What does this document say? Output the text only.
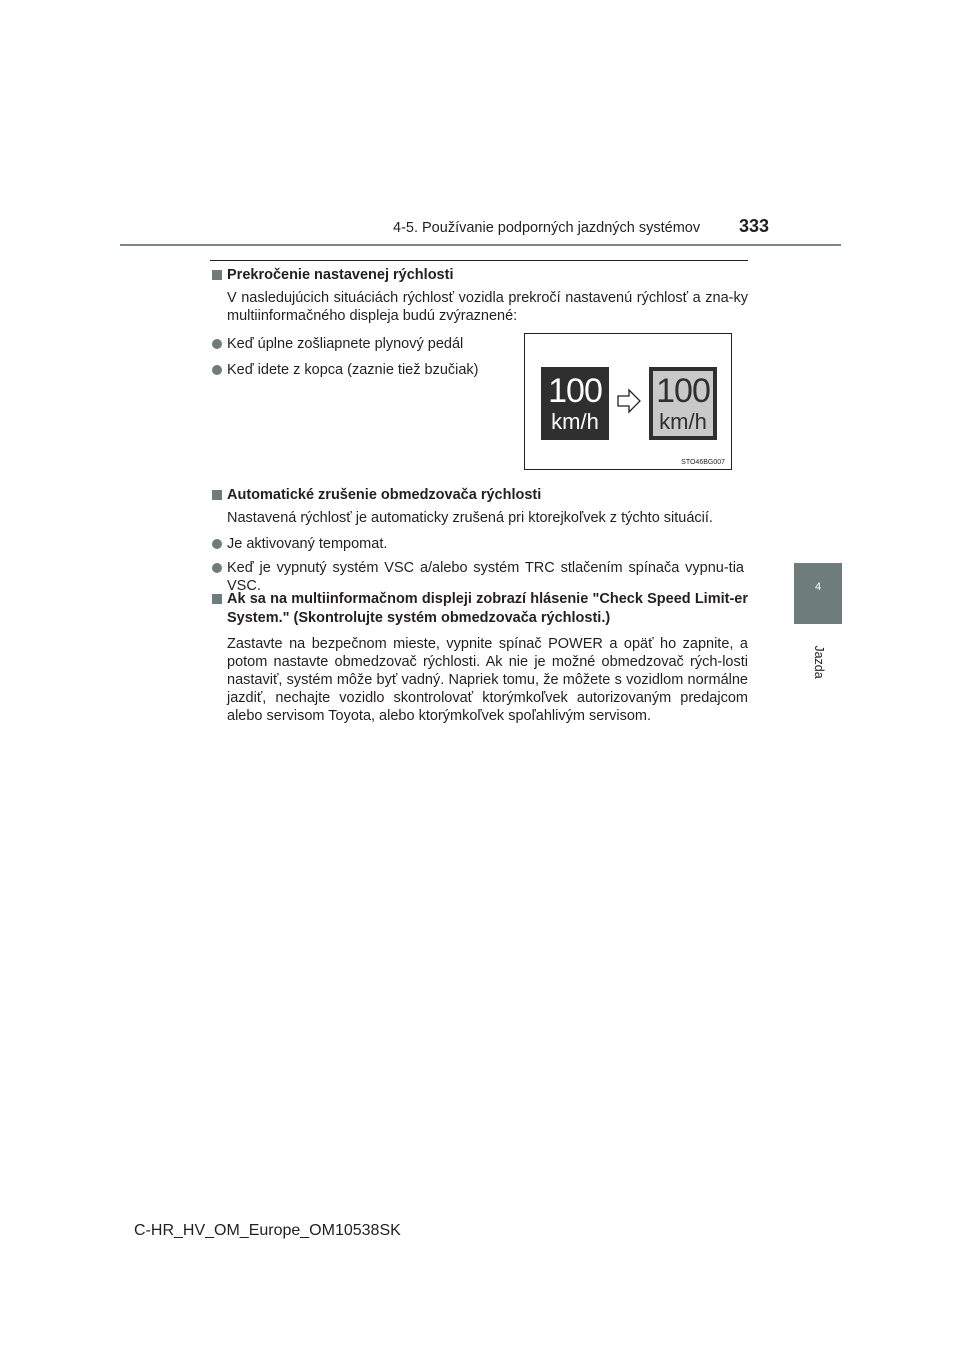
4-5. Používanie podporných jazdných systémov 333
4
Jazda
Prekročenie nastavenej rýchlosti
V nasledujúcich situáciách rýchlosť vozidla prekročí nastavenú rýchlosť a zna-ky multiinformačného displeja budú zvýraznené:
Keď úplne zošliapnete plynový pedál
Keď idete z kopca (zaznie tiež bzučiak)
100
km/h
100
km/h
STO46BG007
Automatické zrušenie obmedzovača rýchlosti
Nastavená rýchlosť je automaticky zrušená pri ktorejkoľvek z týchto situácií.
Je aktivovaný tempomat.
Keď je vypnutý systém VSC a/alebo systém TRC stlačením spínača vypnu-tia VSC.
Ak sa na multiinformačnom displeji zobrazí hlásenie "Check Speed Limit-er System." (Skontrolujte systém obmedzovača rýchlosti.)
Zastavte na bezpečnom mieste, vypnite spínač POWER a opäť ho zapnite, a potom nastavte obmedzovač rýchlosti. Ak nie je možné obmedzovač rých-losti nastaviť, systém môže byť vadný. Napriek tomu, že môžete s vozidlom normálne jazdiť, nechajte vozidlo skontrolovať ktorýmkoľvek autorizovaným predajcom alebo servisom Toyota, alebo ktorýmkoľvek spoľahlivým servisom.
C-HR_HV_OM_Europe_OM10538SK
